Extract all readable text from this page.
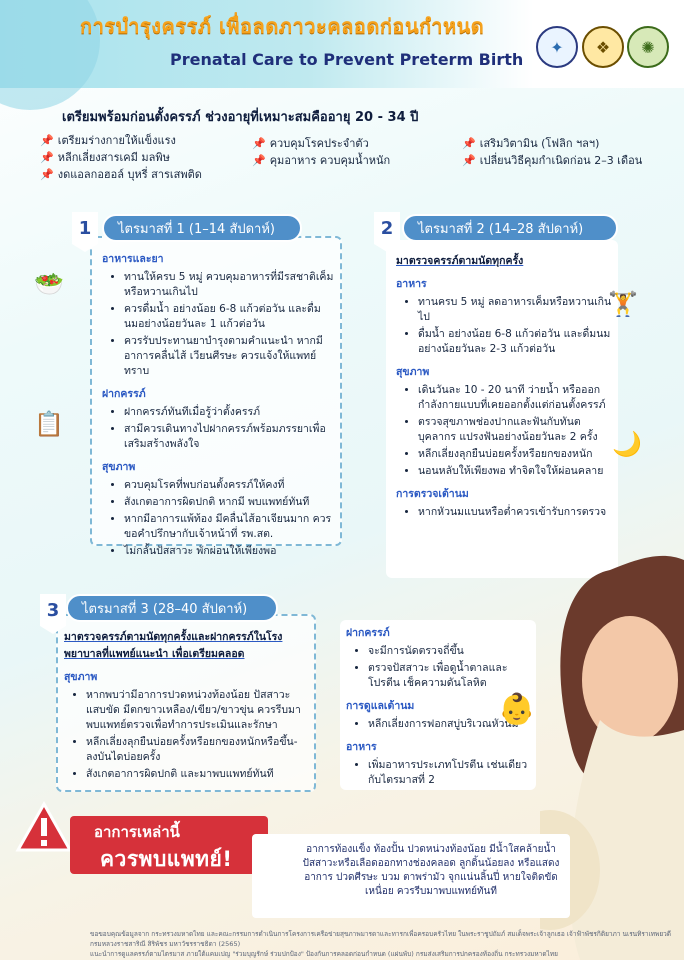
การบำรุงครรภ์ เพื่อลดภาวะคลอดก่อนกำหนด
Prenatal Care to Prevent Preterm Birth
✦	❖	✺
เตรียมพร้อมก่อนตั้งครรภ์ ช่วงอายุที่เหมาะสมคืออายุ 20 - 34 ปี
📌 เตรียมร่างกายให้แข็งแรง
📌 หลีกเลี่ยงสารเคมี มลพิษ
📌 งดแอลกอฮอล์ บุหรี่ สารเสพติด
📌 ควบคุมโรคประจำตัว
📌 คุมอาหาร ควบคุมน้ำหนัก
📌 เสริมวิตามิน (โฟลิก ฯลฯ)
📌 เปลี่ยนวิธีคุมกำเนิดก่อน 2–3 เดือน
1	ไตรมาสที่ 1 (1–14 สัปดาห์)
อาหารและยา
• ทานให้ครบ 5 หมู่ ควบคุมอาหารที่มีรสชาติเค็มหรือหวานเกินไป
• ควรดื่มน้ำ อย่างน้อย 6-8 แก้วต่อวัน และดื่มนมอย่างน้อยวันละ 1 แก้วต่อวัน
• ควรรับประทานยาบำรุงตามคำแนะนำ หากมีอาการคลื่นไส้ เวียนศีรษะ ควรแจ้งให้แพทย์ทราบ
ฝากครรภ์
• ฝากครรภ์ทันทีเมื่อรู้ว่าตั้งครรภ์
• สามีควรเดินทางไปฝากครรภ์พร้อมภรรยาเพื่อเสริมสร้างพลังใจ
สุขภาพ
• ควบคุมโรคที่พบก่อนตั้งครรภ์ให้คงที่
• สังเกตอาการผิดปกติ หากมี พบแพทย์ทันที
• หากมีอาการแพ้ท้อง มีคลื่นไส้อาเจียนมาก ควรขอคำปรึกษากับเจ้าหน้าที่ รพ.สต.
• ไม่กลั้นปัสสาวะ พักผ่อนให้เพียงพอ
🥗
📋
2	ไตรมาสที่ 2 (14–28 สัปดาห์)
มาตรวจครรภ์ตามนัดทุกครั้ง
อาหาร
• ทานครบ 5 หมู่ ลดอาหารเค็มหรือหวานเกินไป
• ดื่มน้ำ อย่างน้อย 6-8 แก้วต่อวัน และดื่มนมอย่างน้อยวันละ 2-3 แก้วต่อวัน
สุขภาพ
• เดินวันละ 10 - 20 นาที ว่ายน้ำ หรือออกกำลังกายแบบที่เคยออกตั้งแต่ก่อนตั้งครรภ์
• ตรวจสุขภาพช่องปากและฟันกับทันตบุคลากร แปรงฟันอย่างน้อยวันละ 2 ครั้ง
• หลีกเลี่ยงลุกยืนบ่อยครั้งหรือยกของหนัก
• นอนหลับให้เพียงพอ ทำจิตใจให้ผ่อนคลาย
การตรวจเต้านม
• หากหัวนมแบนหรือต่ำควรเข้ารับการตรวจ
🏋
🌙
3	ไตรมาสที่ 3 (28–40 สัปดาห์)
มาตรวจครรภ์ตามนัดทุกครั้งและฝากครรภ์ในโรงพยาบาลที่แพทย์แนะนำ เพื่อเตรียมคลอด
สุขภาพ
• หากพบว่ามีอาการปวดหน่วงท้องน้อย ปัสสาวะแสบขัด มีตกขาวเหลือง/เขียว/ขาวขุ่น ควรรีบมาพบแพทย์ตรวจเพื่อทำการประเมินและรักษา
• หลีกเลี่ยงลุกยืนบ่อยครั้งหรือยกของหนักหรือขึ้น-ลงบันไดบ่อยครั้ง
• สังเกตอาการผิดปกติ และมาพบแพทย์ทันที
ฝากครรภ์
• จะมีการนัดตรวจถี่ขึ้น
• ตรวจปัสสาวะ เพื่อดูน้ำตาลและโปรตีน เช็คความดันโลหิต
การดูแลเต้านม
• หลีกเลี่ยงการฟอกสบู่บริเวณหัวนม
อาหาร
• เพิ่มอาหารประเภทโปรตีน เช่นเดียวกับไตรมาสที่ 2
👶
อาการเหล่านี้
ควรพบแพทย์!	อาการท้องแข็ง ท้องปั้น ปวดหน่วงท้องน้อย มีน้ำใสคล้ายน้ำปัสสาวะหรือเลือดออกทางช่องคลอด ลูกดิ้นน้อยลง หรือแสดงอาการ ปวดศีรษะ บวม ตาพร่ามัว จุกแน่นลิ้นปี่ หายใจติดขัด เหนื่อย ควรรีบมาพบแพทย์ทันที
ขอขอบคุณข้อมูลจาก กระทรวงมหาดไทย และคณะกรรมการดำเนินการโครงการเครือข่ายสุขภาพมารดาและทารกเพื่อครอบครัวไทย ในพระราชูปถัมภ์ สมเด็จพระเจ้าลูกเธอ เจ้าฟ้าพัชรกิติยาภา นเรนทิราเทพยวดี กรมหลวงราชสาริณี สิริพัชร มหาวัชรราชธิดา (2565)
แนะนำการดูแลครรภ์ตามไตรมาส ภายใต้แคมเปญ "ร่วมบุญรักษ์ ร่วมปกป้อง" ป้องกันการคลอดก่อนกำหนด (แผ่นพับ) กรมส่งเสริมการปกครองท้องถิ่น กระทรวงมหาดไทย
